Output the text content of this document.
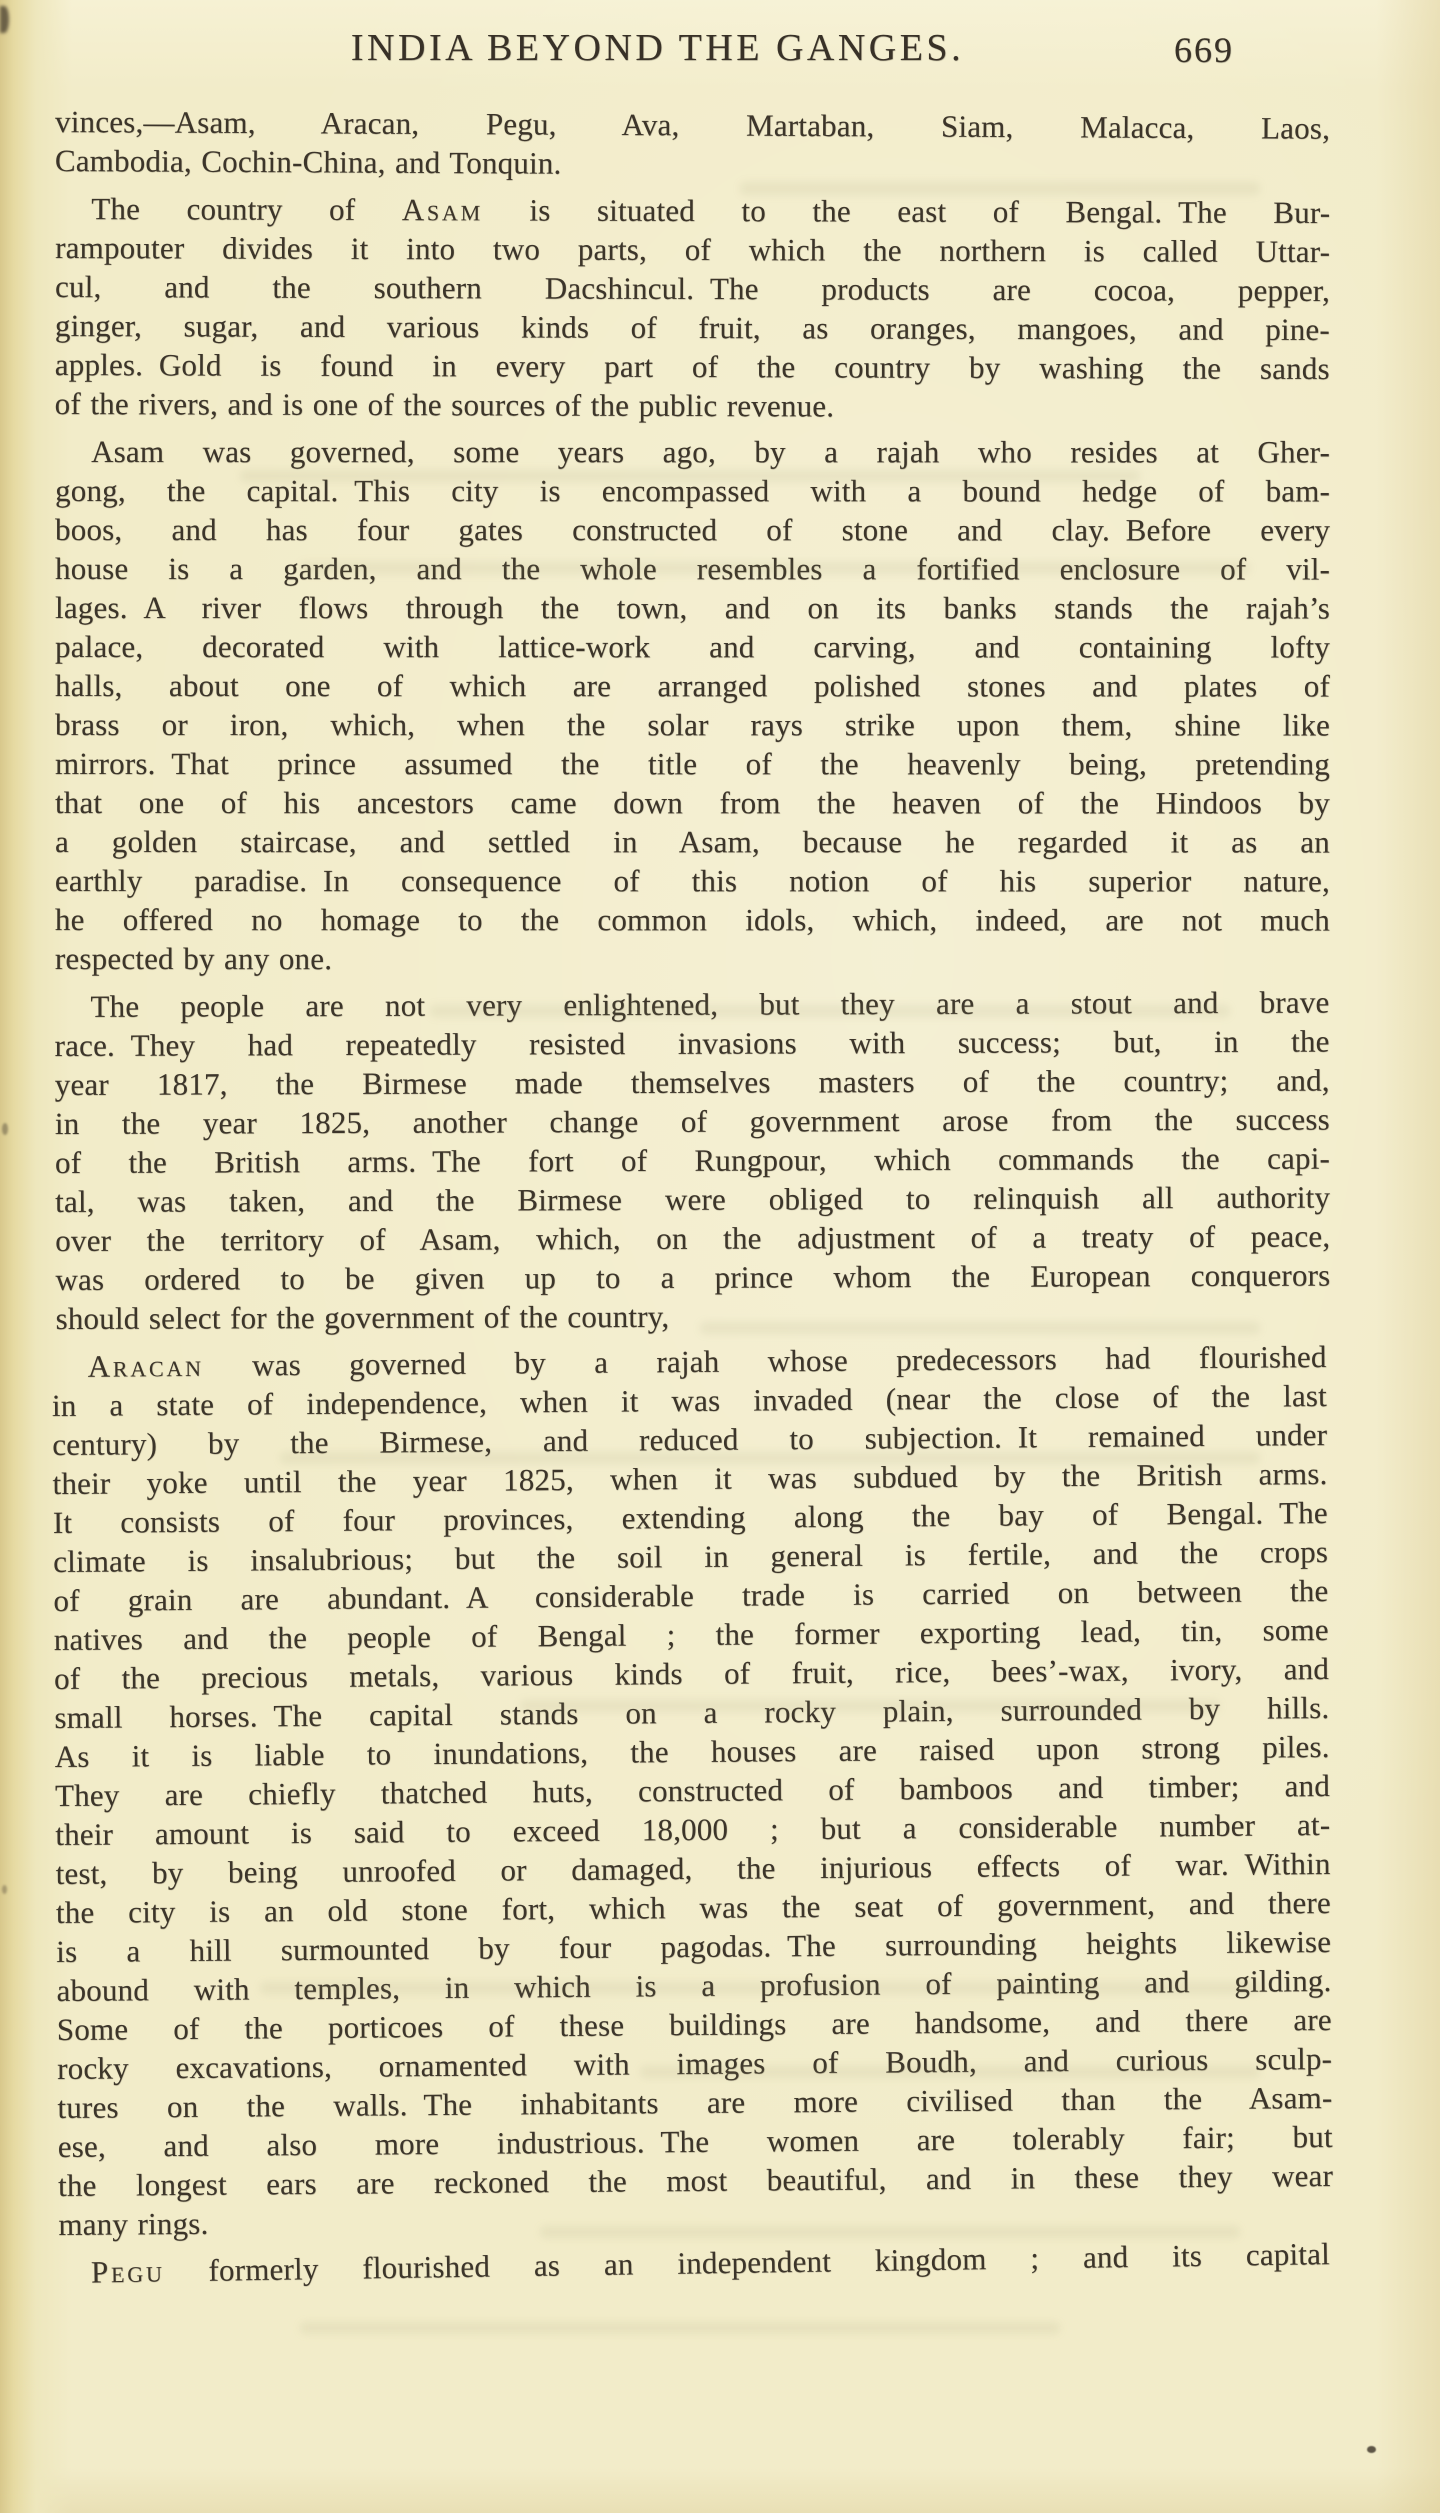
INDIA BEYOND THE GANGES.	669
vinces,—Asam, Aracan, Pegu, Ava, Martaban, Siam, Malacca, Laos,
Cambodia, Cochin-China, and Tonquin.
The country of Asam is situated to the east of Bengal. The Bur-
rampouter divides it into two parts, of which the northern is called Uttar-
cul, and the southern Dacshincul. The products are cocoa, pepper,
ginger, sugar, and various kinds of fruit, as oranges, mangoes, and pine-
apples. Gold is found in every part of the country by washing the sands
of the rivers, and is one of the sources of the public revenue.
Asam was governed, some years ago, by a rajah who resides at Gher-
gong, the capital. This city is encompassed with a bound hedge of bam-
boos, and has four gates constructed of stone and clay. Before every
house is a garden, and the whole resembles a fortified enclosure of vil-
lages. A river flows through the town, and on its banks stands the rajah’s
palace, decorated with lattice-work and carving, and containing lofty
halls, about one of which are arranged polished stones and plates of
brass or iron, which, when the solar rays strike upon them, shine like
mirrors. That prince assumed the title of the heavenly being, pretending
that one of his ancestors came down from the heaven of the Hindoos by
a golden staircase, and settled in Asam, because he regarded it as an
earthly paradise. In consequence of this notion of his superior nature,
he offered no homage to the common idols, which, indeed, are not much
respected by any one.
The people are not very enlightened, but they are a stout and brave
race. They had repeatedly resisted invasions with success; but, in the
year 1817, the Birmese made themselves masters of the country; and,
in the year 1825, another change of government arose from the success
of the British arms. The fort of Rungpour, which commands the capi-
tal, was taken, and the Birmese were obliged to relinquish all authority
over the territory of Asam, which, on the adjustment of a treaty of peace,
was ordered to be given up to a prince whom the European conquerors
should select for the government of the country,
Aracan was governed by a rajah whose predecessors had flourished
in a state of independence, when it was invaded (near the close of the last
century) by the Birmese, and reduced to subjection. It remained under
their yoke until the year 1825, when it was subdued by the British arms.
It consists of four provinces, extending along the bay of Bengal. The
climate is insalubrious; but the soil in general is fertile, and the crops
of grain are abundant. A considerable trade is carried on between the
natives and the people of Bengal ; the former exporting lead, tin, some
of the precious metals, various kinds of fruit, rice, bees’-wax, ivory, and
small horses. The capital stands on a rocky plain, surrounded by hills.
As it is liable to inundations, the houses are raised upon strong piles.
They are chiefly thatched huts, constructed of bamboos and timber; and
their amount is said to exceed 18,000 ; but a considerable number at-
test, by being unroofed or damaged, the injurious effects of war. Within
the city is an old stone fort, which was the seat of government, and there
is a hill surmounted by four pagodas. The surrounding heights likewise
abound with temples, in which is a profusion of painting and gilding.
Some of the porticoes of these buildings are handsome, and there are
rocky excavations, ornamented with images of Boudh, and curious sculp-
tures on the walls. The inhabitants are more civilised than the Asam-
ese, and also more industrious. The women are tolerably fair; but
the longest ears are reckoned the most beautiful, and in these they wear
many rings.
Pegu formerly flourished as an independent kingdom ; and its capital
